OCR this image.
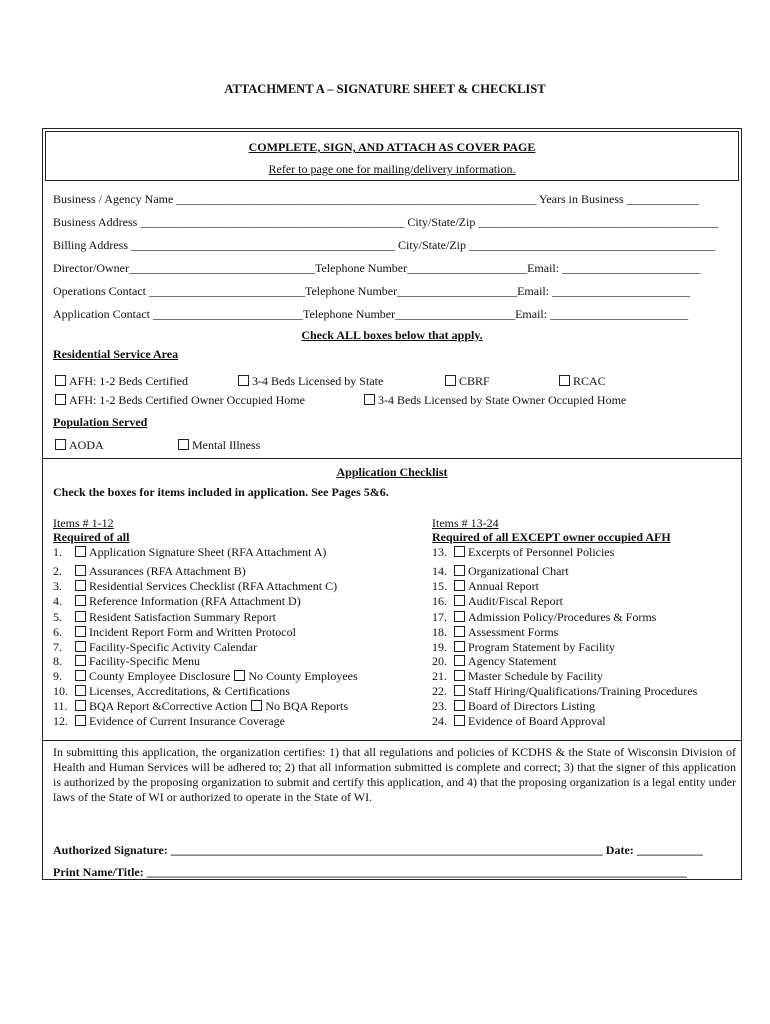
ATTACHMENT A – SIGNATURE SHEET & CHECKLIST
COMPLETE, SIGN, AND ATTACH AS COVER PAGE
Refer to page one for mailing/delivery information.
Business / Agency Name ____________________________________________________________ Years in Business ____________
Business Address ____________________________________________ City/State/Zip ________________________________________
Billing Address ____________________________________________ City/State/Zip _________________________________________
Director/Owner_______________________________Telephone Number____________________Email: _______________________
Operations Contact __________________________Telephone Number____________________Email: _______________________
Application Contact _________________________Telephone Number____________________Email: _______________________
Check ALL boxes below that apply.
Residential Service Area
AFH: 1-2 Beds Certified	3-4 Beds Licensed by State	CBRF	RCAC
AFH: 1-2 Beds Certified Owner Occupied Home	3-4 Beds Licensed by State Owner Occupied Home
Population Served
AODA	Mental Illness
Application Checklist
Check the boxes for items included in application. See Pages 5&6.
Items # 1-12
Required of all
Items # 13-24
Required of all EXCEPT owner occupied AFH
1. Application Signature Sheet (RFA Attachment A)
2. Assurances (RFA Attachment B)
3. Residential Services Checklist (RFA Attachment C)
4. Reference Information (RFA Attachment D)
5. Resident Satisfaction Summary Report
6. Incident Report Form and Written Protocol
7. Facility-Specific Activity Calendar
8. Facility-Specific Menu
9. County Employee Disclosure No County Employees
10. Licenses, Accreditations, & Certifications
11. BQA Report &Corrective Action No BQA Reports
12. Evidence of Current Insurance Coverage
13. Excerpts of Personnel Policies
14. Organizational Chart
15. Annual Report
16. Audit/Fiscal Report
17. Admission Policy/Procedures & Forms
18. Assessment Forms
19. Program Statement by Facility
20. Agency Statement
21. Master Schedule by Facility
22. Staff Hiring/Qualifications/Training Procedures
23. Board of Directors Listing
24. Evidence of Board Approval
In submitting this application, the organization certifies: 1) that all regulations and policies of KCDHS & the State of Wisconsin Division of Health and Human Services will be adhered to; 2) that all information submitted is complete and correct; 3) that the signer of this application is authorized by the proposing organization to submit and certify this application, and 4) that the proposing organization is a legal entity under laws of the State of WI or authorized to operate in the State of WI.
Authorized Signature: ________________________________________________________________________ Date: ___________
Print Name/Title: __________________________________________________________________________________________
